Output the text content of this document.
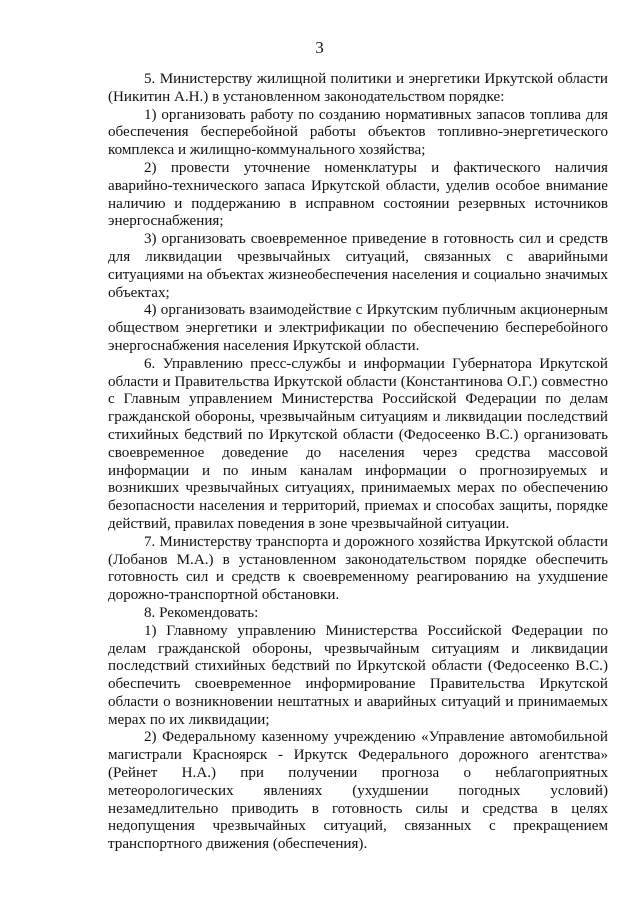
3

5. Министерству жилищной политики и энергетики Иркутской области (Никитин А.Н.) в установленном законодательством порядке:

1) организовать работу по созданию нормативных запасов топлива для обеспечения бесперебойной работы объектов топливно-энергетического комплекса и жилищно-коммунального хозяйства;

2) провести уточнение номенклатуры и фактического наличия аварийно-технического запаса Иркутской области, уделив особое внимание наличию и поддержанию в исправном состоянии резервных источников энергоснабжения;

3) организовать своевременное приведение в готовность сил и средств для ликвидации чрезвычайных ситуаций, связанных с аварийными ситуациями на объектах жизнеобеспечения населения и социально значимых объектах;

4) организовать взаимодействие с Иркутским публичным акционерным обществом энергетики и электрификации по обеспечению бесперебойного энергоснабжения населения Иркутской области.

6. Управлению пресс-службы и информации Губернатора Иркутской области и Правительства Иркутской области (Константинова О.Г.) совместно с Главным управлением Министерства Российской Федерации по делам гражданской обороны, чрезвычайным ситуациям и ликвидации последствий стихийных бедствий по Иркутской области (Федосеенко В.С.) организовать своевременное доведение до населения через средства массовой информации и по иным каналам информации о прогнозируемых и возникших чрезвычайных ситуациях, принимаемых мерах по обеспечению безопасности населения и территорий, приемах и способах защиты, порядке действий, правилах поведения в зоне чрезвычайной ситуации.

7. Министерству транспорта и дорожного хозяйства Иркутской области (Лобанов М.А.) в установленном законодательством порядке обеспечить готовность сил и средств к своевременному реагированию на ухудшение дорожно-транспортной обстановки.

8. Рекомендовать:

1) Главному управлению Министерства Российской Федерации по делам гражданской обороны, чрезвычайным ситуациям и ликвидации последствий стихийных бедствий по Иркутской области (Федосеенко В.С.) обеспечить своевременное информирование Правительства Иркутской области о возникновении нештатных и аварийных ситуаций и принимаемых мерах по их ликвидации;

2) Федеральному казенному учреждению «Управление автомобильной магистрали Красноярск - Иркутск Федерального дорожного агентства» (Рейнет Н.А.) при получении прогноза о неблагоприятных метеорологических явлениях (ухудшении погодных условий) незамедлительно приводить в готовность силы и средства в целях недопущения чрезвычайных ситуаций, связанных с прекращением транспортного движения (обеспечения).
